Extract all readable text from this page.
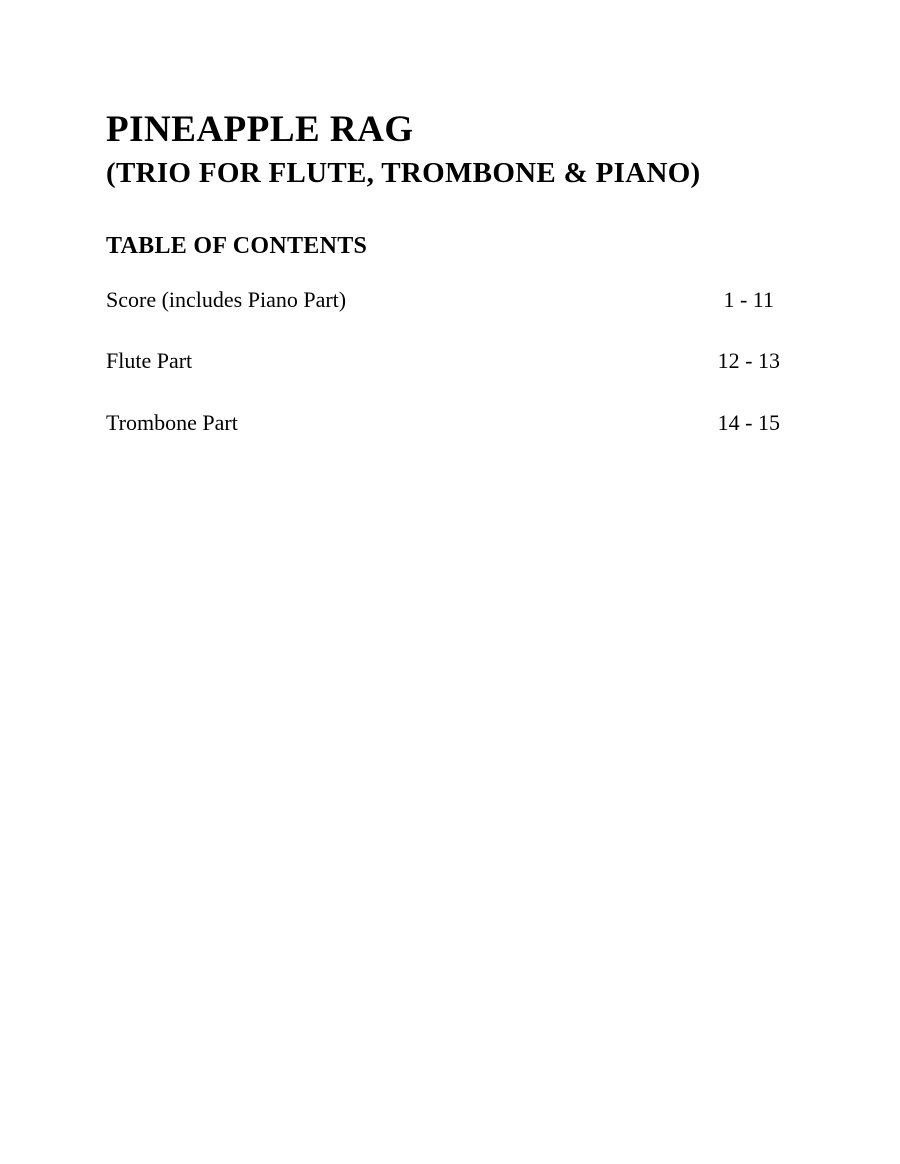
PINEAPPLE RAG
(TRIO FOR FLUTE, TROMBONE & PIANO)
TABLE OF CONTENTS
Score (includes Piano Part)	1 - 11
Flute Part	12 - 13
Trombone Part	14 - 15
